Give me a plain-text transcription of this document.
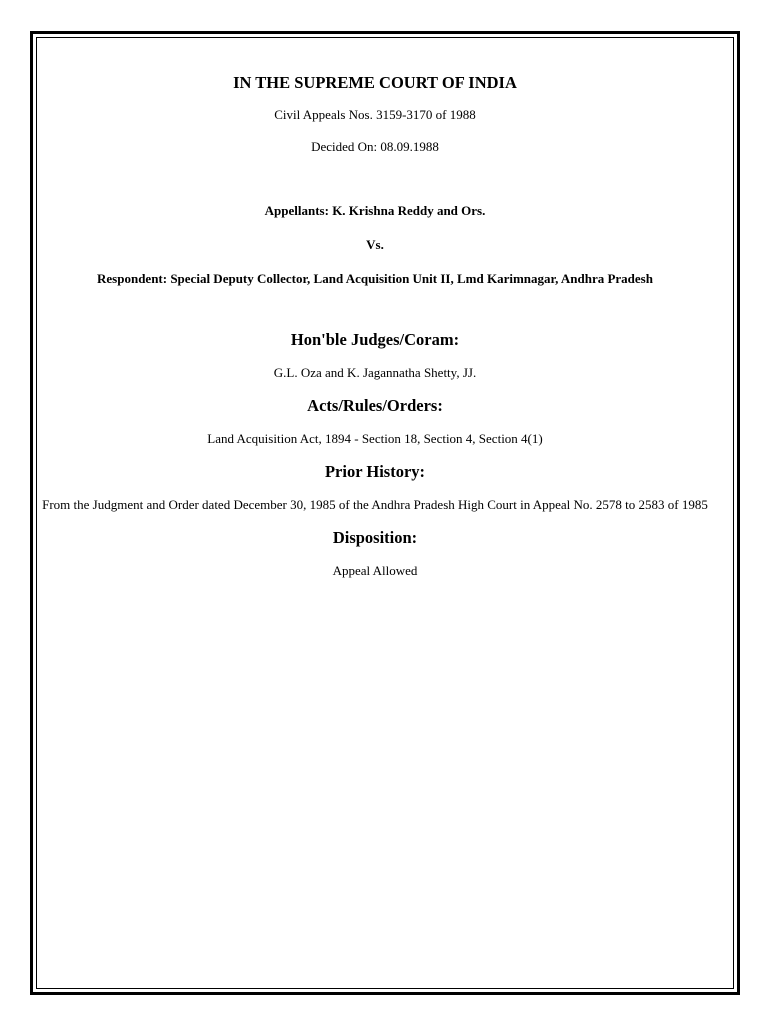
IN THE SUPREME COURT OF INDIA
Civil Appeals Nos. 3159-3170 of 1988
Decided On: 08.09.1988
Appellants: K. Krishna Reddy and Ors.
Vs.
Respondent: Special Deputy Collector, Land Acquisition Unit II, Lmd Karimnagar, Andhra Pradesh
Hon'ble Judges/Coram:
G.L. Oza and K. Jagannatha Shetty, JJ.
Acts/Rules/Orders:
Land Acquisition Act, 1894 - Section 18, Section 4, Section 4(1)
Prior History:
From the Judgment and Order dated December 30, 1985 of the Andhra Pradesh High Court in Appeal No. 2578 to 2583 of 1985
Disposition:
Appeal Allowed
